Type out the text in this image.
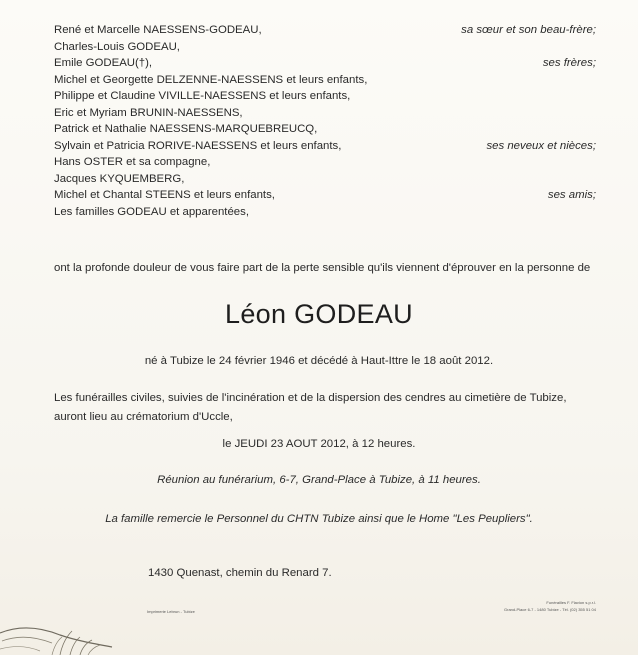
René et Marcelle NAESSENS-GODEAU,	sa sœur et son beau-frère;
Charles-Louis GODEAU,
Emile GODEAU(†),	ses frères;
Michel et Georgette DELZENNE-NAESSENS et leurs enfants,
Philippe et Claudine VIVILLE-NAESSENS et leurs enfants,
Eric et Myriam BRUNIN-NAESSENS,
Patrick et Nathalie NAESSENS-MARQUEBREUCQ,
Sylvain et Patricia RORIVE-NAESSENS et leurs enfants,	ses neveux et nièces;
Hans OSTER et sa compagne,
Jacques KYQUEMBERG,
Michel et Chantal STEENS et leurs enfants,	ses amis;
Les familles GODEAU et apparentées,
ont la profonde douleur de vous faire part de la perte sensible qu'ils viennent d'éprouver en la personne de
Léon GODEAU
né à Tubize le 24 février 1946 et décédé à Haut-Ittre le 18 août 2012.
Les funérailles civiles, suivies de l'incinération et de la dispersion des cendres au cimetière de Tubize, auront lieu au crématorium d'Uccle,
le JEUDI 23 AOUT 2012, à 12 heures.
Réunion au funérarium, 6-7, Grand-Place à Tubize, à 11 heures.
La famille remercie le Personnel du CHTN Tubize ainsi que le Home "Les Peupliers".
1430 Quenast, chemin du Renard 7.
Imprimerie Lebrun - Tubize
Funérailles F. Flavion s.p.r.l.
Grand-Place 6-7 - 1480 Tubize - Tél. (02) 355 51 04
